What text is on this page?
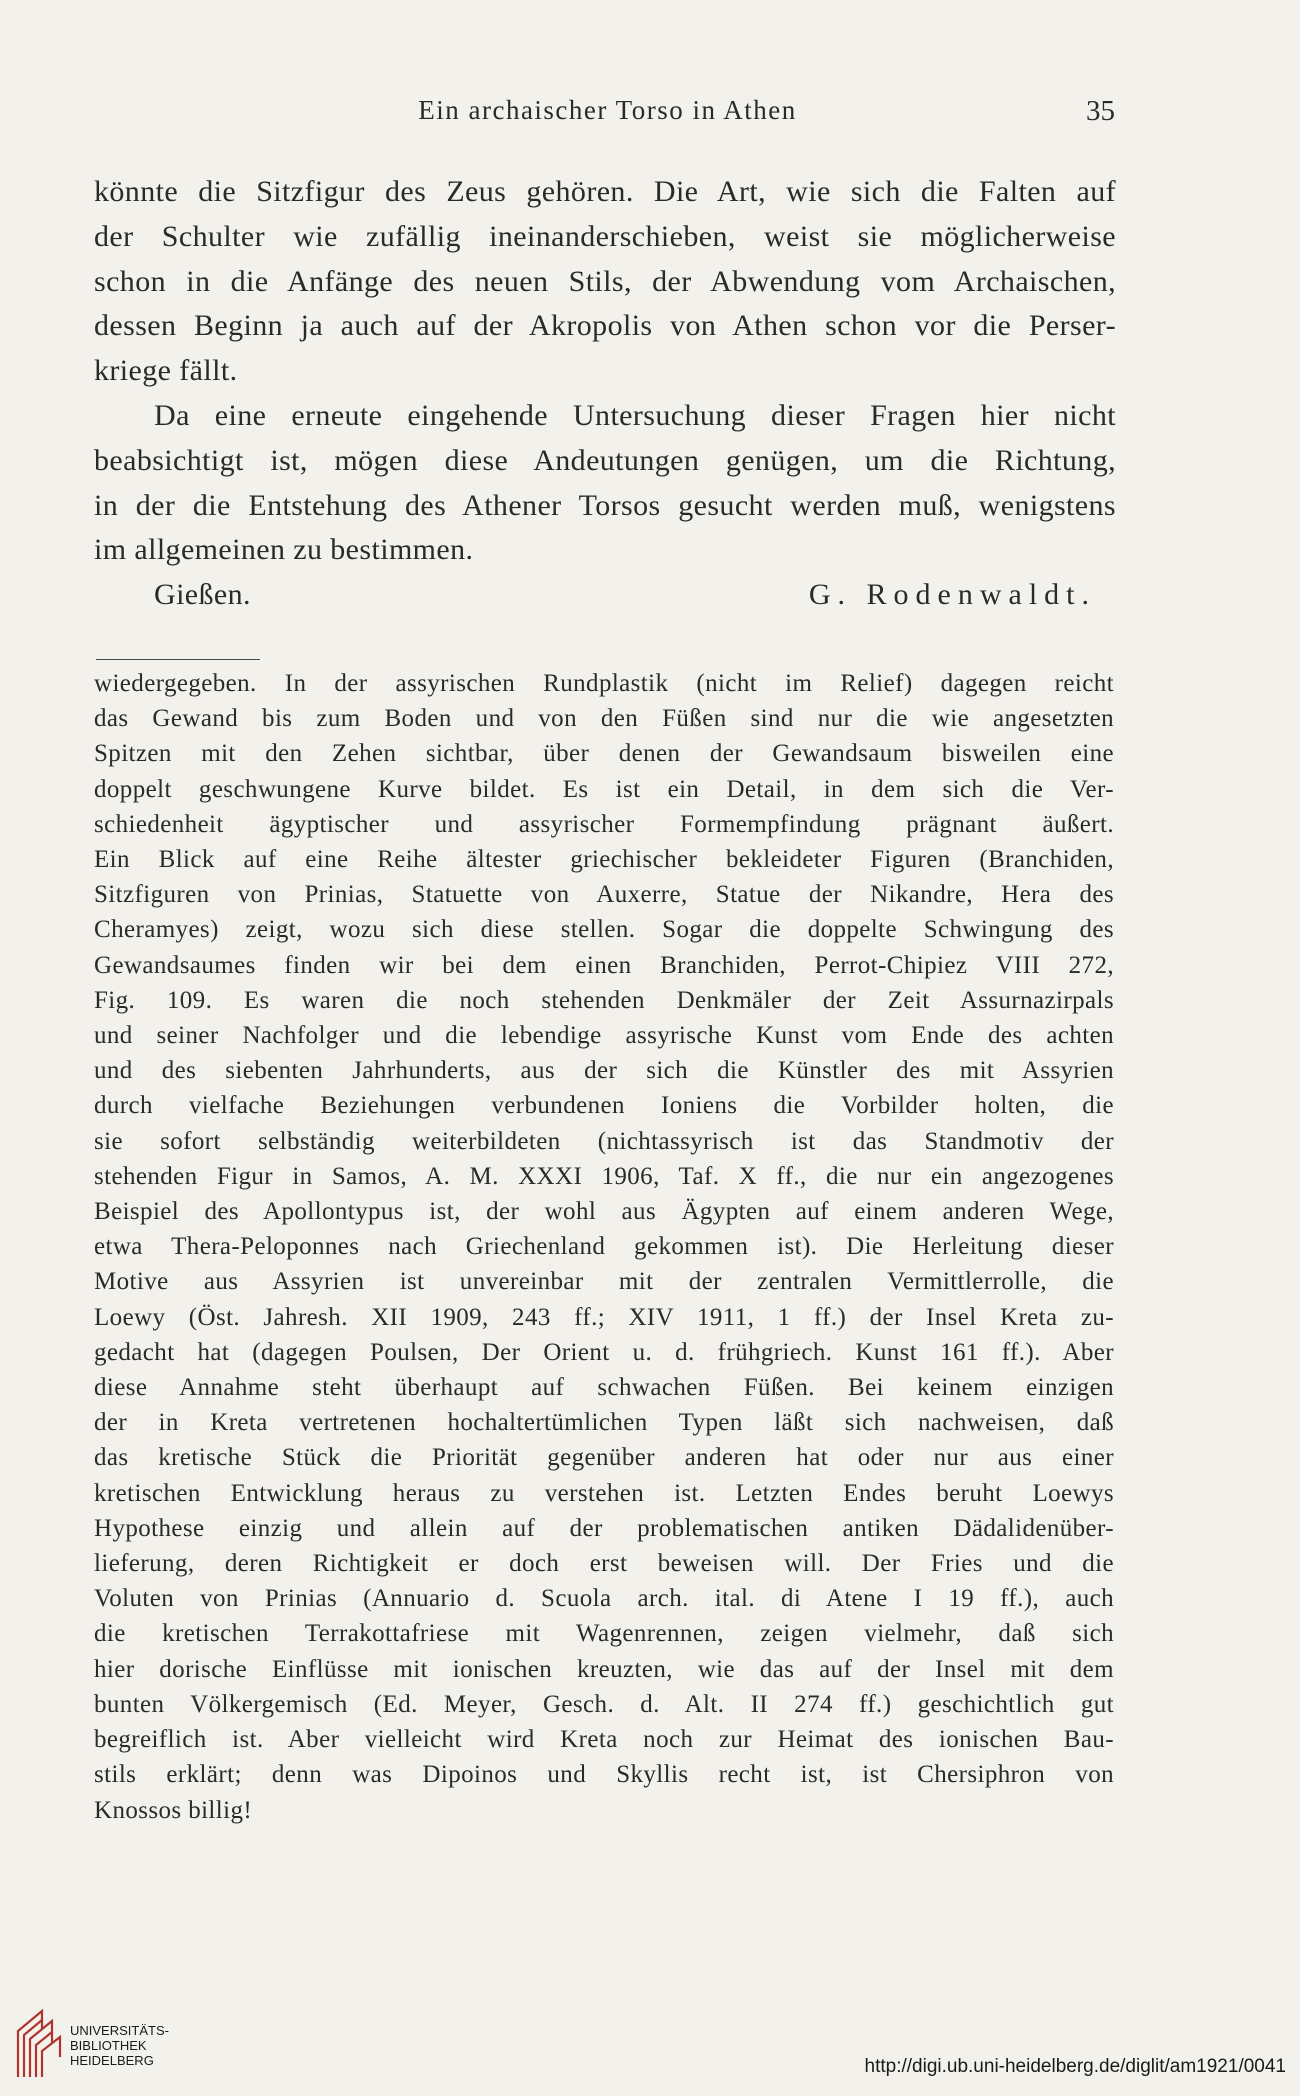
Ein archaischer Torso in Athen	35

könnte die Sitzfigur des Zeus gehören. Die Art, wie sich die Falten auf
der Schulter wie zufällig ineinanderschieben, weist sie möglicherweise
schon in die Anfänge des neuen Stils, der Abwendung vom Archaischen,
dessen Beginn ja auch auf der Akropolis von Athen schon vor die Perser-
kriege fällt.

Da eine erneute eingehende Untersuchung dieser Fragen hier nicht
beabsichtigt ist, mögen diese Andeutungen genügen, um die Richtung,
in der die Entstehung des Athener Torsos gesucht werden muß, wenigstens
im allgemeinen zu bestimmen.

Gießen.	G. Rodenwaldt.
wiedergegeben. In der assyrischen Rundplastik (nicht im Relief) dagegen reicht
das Gewand bis zum Boden und von den Füßen sind nur die wie angesetzten
Spitzen mit den Zehen sichtbar, über denen der Gewandsaum bisweilen eine
doppelt geschwungene Kurve bildet. Es ist ein Detail, in dem sich die Ver-
schiedenheit ägyptischer und assyrischer Formempfindung prägnant äußert.
Ein Blick auf eine Reihe ältester griechischer bekleideter Figuren (Branchiden,
Sitzfiguren von Prinias, Statuette von Auxerre, Statue der Nikandre, Hera des
Cheramyes) zeigt, wozu sich diese stellen. Sogar die doppelte Schwingung des
Gewandsaumes finden wir bei dem einen Branchiden, Perrot-Chipiez VIII 272,
Fig. 109. Es waren die noch stehenden Denkmäler der Zeit Assurnazirpals
und seiner Nachfolger und die lebendige assyrische Kunst vom Ende des achten
und des siebenten Jahrhunderts, aus der sich die Künstler des mit Assyrien
durch vielfache Beziehungen verbundenen Ioniens die Vorbilder holten, die
sie sofort selbständig weiterbildeten (nichtassyrisch ist das Standmotiv der
stehenden Figur in Samos, A. M. XXXI 1906, Taf. X ff., die nur ein angezogenes
Beispiel des Apollontypus ist, der wohl aus Ägypten auf einem anderen Wege,
etwa Thera-Peloponnes nach Griechenland gekommen ist). Die Herleitung dieser
Motive aus Assyrien ist unvereinbar mit der zentralen Vermittlerrolle, die
Loewy (Öst. Jahresh. XII 1909, 243 ff.; XIV 1911, 1 ff.) der Insel Kreta zu-
gedacht hat (dagegen Poulsen, Der Orient u. d. frühgriech. Kunst 161 ff.). Aber
diese Annahme steht überhaupt auf schwachen Füßen. Bei keinem einzigen
der in Kreta vertretenen hochaltertümlichen Typen läßt sich nachweisen, daß
das kretische Stück die Priorität gegenüber anderen hat oder nur aus einer
kretischen Entwicklung heraus zu verstehen ist. Letzten Endes beruht Loewys
Hypothese einzig und allein auf der problematischen antiken Dädalidenüber-
lieferung, deren Richtigkeit er doch erst beweisen will. Der Fries und die
Voluten von Prinias (Annuario d. Scuola arch. ital. di Atene I 19 ff.), auch
die kretischen Terrakottafriese mit Wagenrennen, zeigen vielmehr, daß sich
hier dorische Einflüsse mit ionischen kreuzten, wie das auf der Insel mit dem
bunten Völkergemisch (Ed. Meyer, Gesch. d. Alt. II 274 ff.) geschichtlich gut
begreiflich ist. Aber vielleicht wird Kreta noch zur Heimat des ionischen Bau-
stils erklärt; denn was Dipoinos und Skyllis recht ist, ist Chersiphron von
Knossos billig!
UNIVERSITÄTS-
BIBLIOTHEK
HEIDELBERG	http://digi.ub.uni-heidelberg.de/diglit/am1921/0041
